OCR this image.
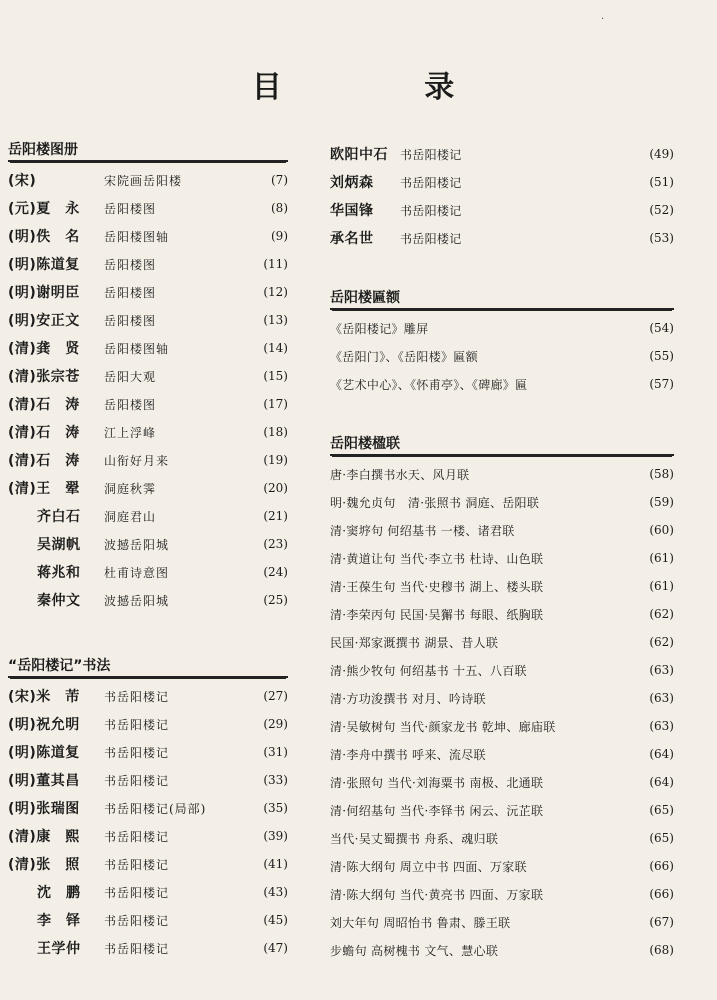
目 录
·
岳阳楼图册
(宋)	宋院画岳阳楼	(7)
(元)夏　永	岳阳楼图	(8)
(明)佚　名	岳阳楼图轴	(9)
(明)陈道复	岳阳楼图	(11)
(明)谢明臣	岳阳楼图	(12)
(明)安正文	岳阳楼图	(13)
(清)龚　贤	岳阳楼图轴	(14)
(清)张宗苍	岳阳大观	(15)
(清)石　涛	岳阳楼图	(17)
(清)石　涛	江上浮峰	(18)
(清)石　涛	山衔好月来	(19)
(清)王　翚	洞庭秋霁	(20)
　　齐白石	洞庭君山	(21)
　　吴湖帆	波撼岳阳城	(23)
　　蒋兆和	杜甫诗意图	(24)
　　秦仲文	波撼岳阳城	(25)
“岳阳楼记”书法
(宋)米　芾	书岳阳楼记	(27)
(明)祝允明	书岳阳楼记	(29)
(明)陈道复	书岳阳楼记	(31)
(明)董其昌	书岳阳楼记	(33)
(明)张瑞图	书岳阳楼记(局部)	(35)
(清)康　熙	书岳阳楼记	(39)
(清)张　照	书岳阳楼记	(41)
　　沈　鹏	书岳阳楼记	(43)
　　李　铎	书岳阳楼记	(45)
　　王学仲	书岳阳楼记	(47)
欧阳中石	书岳阳楼记	(49)
刘炳森	书岳阳楼记	(51)
华国锋	书岳阳楼记	(52)
承名世	书岳阳楼记	(53)
岳阳楼匾额
《岳阳楼记》雕屏	(54)
《岳阳门》、《岳阳楼》匾额	(55)
《艺术中心》、《怀甫亭》、《碑廊》匾	(57)
岳阳楼楹联
唐·李白撰书水天、风月联	(58)
明·魏允贞句　清·张照书 洞庭、岳阳联	(59)
清·窦垿句 何绍基书 一楼、诸君联	(60)
清·黄道让句 当代·李立书 杜诗、山色联	(61)
清·王葆生句 当代·史穆书 湖上、楼头联	(61)
清·李荣丙句 民国·吴獬书 每眼、纸胸联	(62)
民国·郑家溉撰书 湖景、昔人联	(62)
清·熊少牧句 何绍基书 十五、八百联	(63)
清·方功浚撰书 对月、吟诗联	(63)
清·吴敏树句 当代·颜家龙书 乾坤、廊庙联	(63)
清·李舟中撰书 呼来、流尽联	(64)
清·张照句 当代·刘海粟书 南极、北通联	(64)
清·何绍基句 当代·李铎书 闲云、沅芷联	(65)
当代·吴丈蜀撰书 舟系、魂归联	(65)
清·陈大纲句 周立中书 四面、万家联	(66)
清·陈大纲句 当代·黄亮书 四面、万家联	(66)
刘大年句 周昭怡书 鲁肃、滕王联	(67)
步蟾句 高树槐书 文气、慧心联	(68)
